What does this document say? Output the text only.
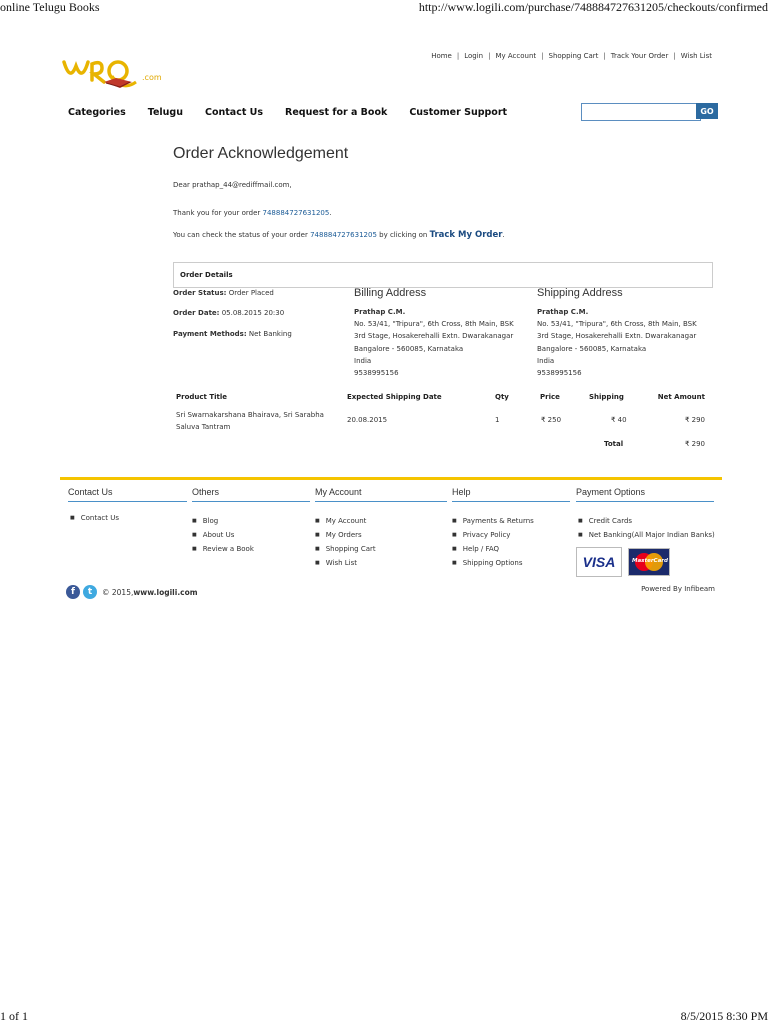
online Telugu Books	http://www.logili.com/purchase/748884727631205/checkouts/confirmed
1 of 1	8/5/2015 8:30 PM
.com
Home | Login | My Account | Shopping Cart | Track Your Order | Wish List
Categories Telugu Contact Us Request for a Book Customer Support	GO
Order Acknowledgement
Dear prathap_44@rediffmail.com,
Thank you for your order 748884727631205.
You can check the status of your order 748884727631205 by clicking on Track My Order.
Order Details
Order Status: Order Placed
Order Date: 05.08.2015 20:30
Payment Methods: Net Banking
Billing Address
Prathap C.M.
No. 53/41, "Tripura", 6th Cross, 8th Main, BSK
3rd Stage, Hosakerehalli Extn. Dwarakanagar
Bangalore - 560085, Karnataka
India
9538995156
Shipping Address
Prathap C.M.
No. 53/41, "Tripura", 6th Cross, 8th Main, BSK
3rd Stage, Hosakerehalli Extn. Dwarakanagar
Bangalore - 560085, Karnataka
India
9538995156
Product Title	Expected Shipping Date	Qty	Price	Shipping	Net Amount
Sri Swarnakarshana Bhairava, Sri Sarabha
Saluva Tantram
20.08.2015	1	₹ 250	₹ 40	₹ 290
Total	₹ 290
Contact Us
■ Contact Us
Others
■ Blog
■ About Us
■ Review a Book
My Account
■ My Account
■ My Orders
■ Shopping Cart
■ Wish List
Help
■ Payments & Returns
■ Privacy Policy
■ Help / FAQ
■ Shipping Options
Payment Options
■ Credit Cards
■ Net Banking(All Major Indian Banks)
VISA	MasterCard
f t © 2015,www.logili.com	Powered By Infibeam
